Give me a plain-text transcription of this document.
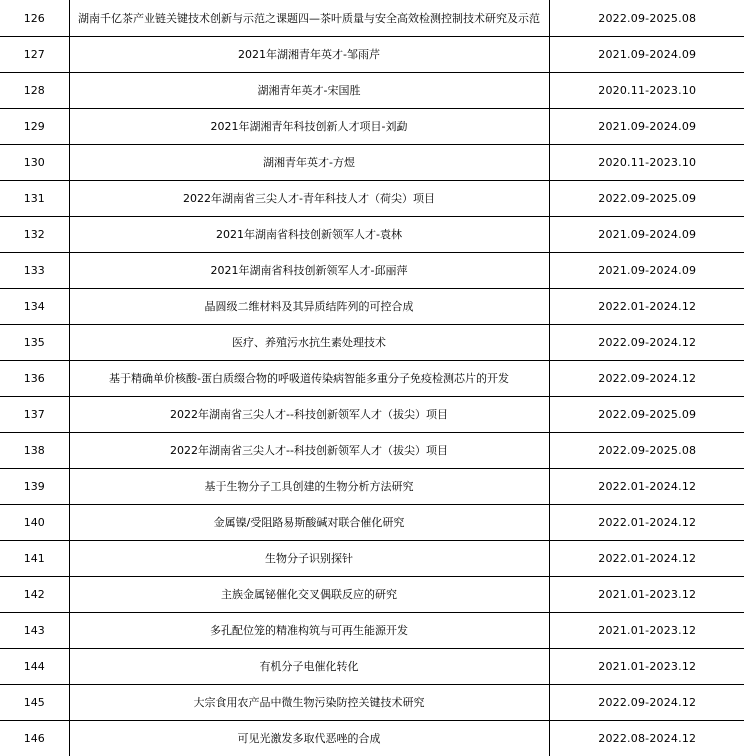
126	湖南千亿茶产业链关键技术创新与示范之课题四—茶叶质量与安全高效检测控制技术研究及示范	2022.09-2025.08
127	2021年湖湘青年英才-邹雨芹	2021.09-2024.09
128	湖湘青年英才-宋国胜	2020.11-2023.10
129	2021年湖湘青年科技创新人才项目-刘勐	2021.09-2024.09
130	湖湘青年英才-方煜	2020.11-2023.10
131	2022年湖南省三尖人才-青年科技人才（荷尖）项目	2022.09-2025.09
132	2021年湖南省科技创新领军人才-袁林	2021.09-2024.09
133	2021年湖南省科技创新领军人才-邱丽萍	2021.09-2024.09
134	晶圆级二维材料及其异质结阵列的可控合成	2022.01-2024.12
135	医疗、养殖污水抗生素处理技术	2022.09-2024.12
136	基于精确单价核酸-蛋白质缀合物的呼吸道传染病智能多重分子免疫检测芯片的开发	2022.09-2024.12
137	2022年湖南省三尖人才--科技创新领军人才（拔尖）项目	2022.09-2025.09
138	2022年湖南省三尖人才--科技创新领军人才（拔尖）项目	2022.09-2025.08
139	基于生物分子工具创建的生物分析方法研究	2022.01-2024.12
140	金属镍/受阻路易斯酸碱对联合催化研究	2022.01-2024.12
141	生物分子识别探针	2022.01-2024.12
142	主族金属铋催化交叉偶联反应的研究	2021.01-2023.12
143	多孔配位笼的精准构筑与可再生能源开发	2021.01-2023.12
144	有机分子电催化转化	2021.01-2023.12
145	大宗食用农产品中微生物污染防控关键技术研究	2022.09-2024.12
146	可见光激发多取代恶唑的合成	2022.08-2024.12
